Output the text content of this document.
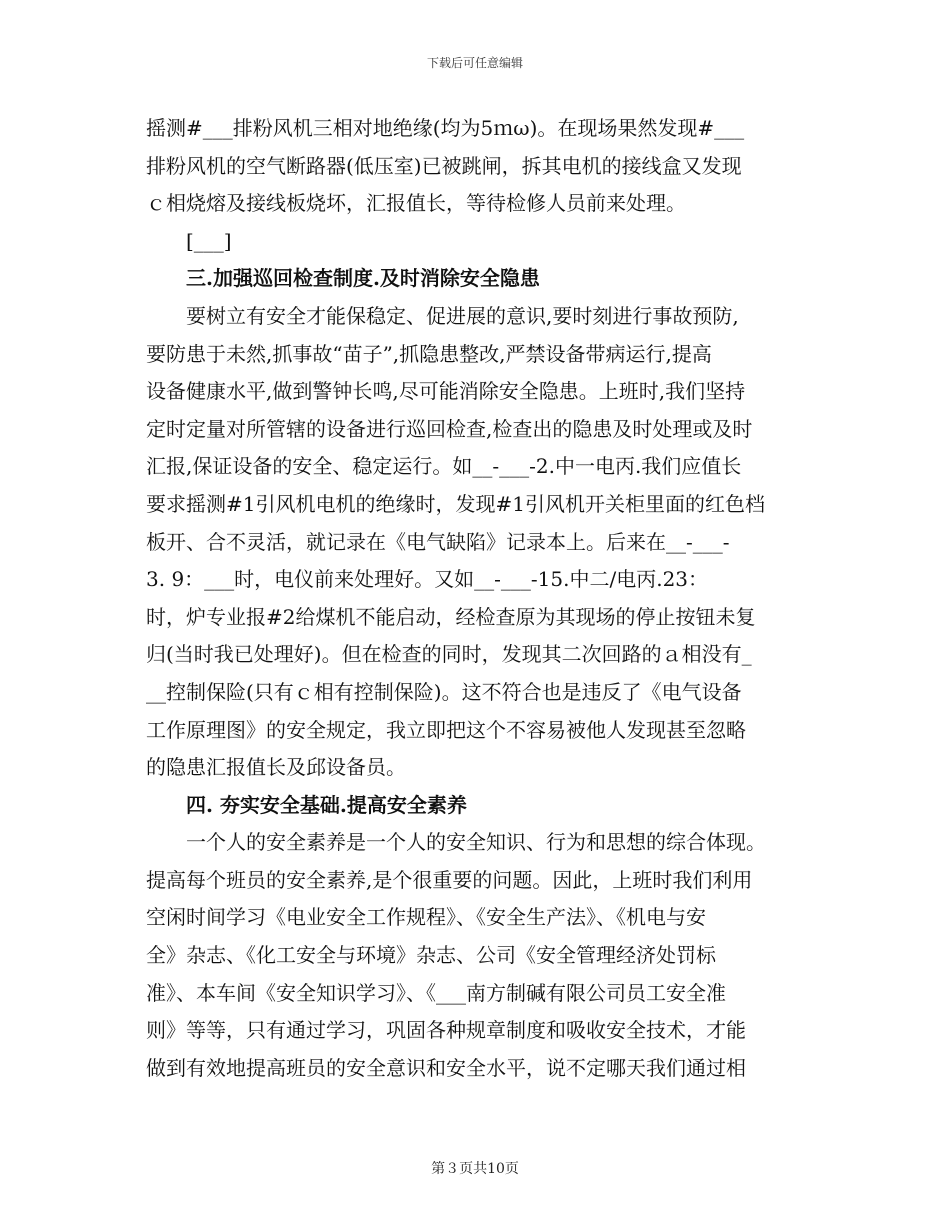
下载后可任意编辑
摇测#___排粉风机三相对地绝缘(均为5ｍω)。在现场果然发现#___
排粉风机的空气断路器(低压室)已被跳闸，拆其电机的接线盒又发现
ｃ相烧熔及接线板烧坏，汇报值长，等待检修人员前来处理。
[___]
三.加强巡回检查制度.及时消除安全隐患
要树立有安全才能保稳定、促进展的意识,要时刻进行事故预防,
要防患于未然,抓事故“苗子”,抓隐患整改,严禁设备带病运行,提高
设备健康水平,做到警钟长鸣,尽可能消除安全隐患。上班时,我们坚持
定时定量对所管辖的设备进行巡回检查,检查出的隐患及时处理或及时
汇报,保证设备的安全、稳定运行。如__-___-2.中一电丙.我们应值长
要求摇测#1引风机电机的绝缘时，发现#1引风机开关柜里面的红色档
板开、合不灵活，就记录在《电气缺陷》记录本上。后来在__-___-
3. 9：___时，电仪前来处理好。又如__-___-15.中二/电丙.23：
时，炉专业报#2给煤机不能启动，经检查原为其现场的停止按钮未复
归(当时我已处理好)。但在检查的同时，发现其二次回路的ａ相没有_
__控制保险(只有ｃ相有控制保险)。这不符合也是违反了《电气设备
工作原理图》的安全规定，我立即把这个不容易被他人发现甚至忽略
的隐患汇报值长及邱设备员。
四. 夯实安全基础.提高安全素养
一个人的安全素养是一个人的安全知识、行为和思想的综合体现。
提高每个班员的安全素养,是个很重要的问题。因此，上班时我们利用
空闲时间学习《电业安全工作规程》、《安全生产法》、《机电与安
全》杂志、《化工安全与环境》杂志、公司《安全管理经济处罚标
准》、本车间《安全知识学习》、《___南方制碱有限公司员工安全准
则》等等，只有通过学习，巩固各种规章制度和吸收安全技术，才能
做到有效地提高班员的安全意识和安全水平，说不定哪天我们通过相
第３页共10页
